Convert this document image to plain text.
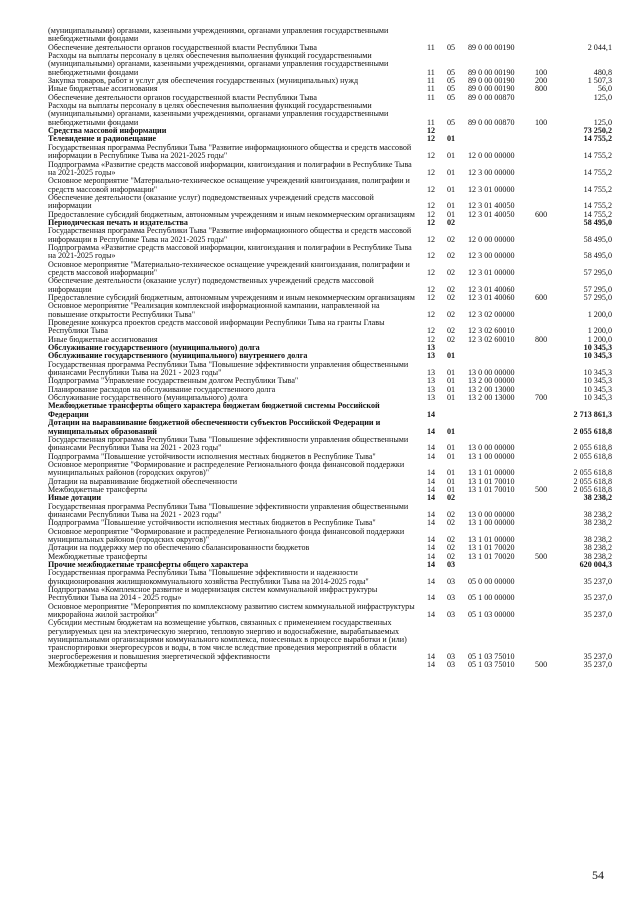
(муниципальными) органами, казенными учреждениями, органами управления государственными внебюджетными фондами
Обеспечение деятельности органов государственной власти Республики Тыва	11 05 89 0 00 00190	2 044,1
Расходы на выплаты персоналу в целях обеспечения выполнения функций государственными (муниципальными) органами, казенными учреждениями, органами управления государственными внебюджетными фондами	11 05 89 0 00 00190	100	480,8
Закупка товаров, работ и услуг для обеспечения государственных (муниципальных) нужд	11 05 89 0 00 00190	200	1 507,3
Иные бюджетные ассигнования	11 05 89 0 00 00190	800	56,0
Обеспечение деятельности органов государственной власти Республики Тыва	11 05 89 0 00 00870	125,0
Расходы на выплаты персоналу в целях обеспечения выполнения функций государственными (муниципальными) органами, казенными учреждениями, органами управления государственными внебюджетными фондами	11 05 89 0 00 00870	100	125,0
Средства массовой информации	12	73 250,2
Телевидение и радиовещание	12 01	14 755,2
Государственная программа Республики Тыва "Развитие информационного общества и средств массовой информации в Республике Тыва на 2021-2025 годы"	12 01 12 0 00 00000	14 755,2
Подпрограмма «Развитие средств массовой информации, книгоиздания и полиграфии в Республике Тыва на 2021-2025 годы»	12 01 12 3 00 00000	14 755,2
Основное мероприятие "Материально-техническое оснащение учреждений книгоиздания, полиграфии и средств массовой информации"	12 01 12 3 01 00000	14 755,2
Обеспечение деятельности (оказание услуг) подведомственных учреждений средств массовой информации	12 01 12 3 01 40050	14 755,2
Предоставление субсидий бюджетным, автономным учреждениям и иным некоммерческим организациям 12 01 12 3 01 40050	600	14 755,2
Периодическая печать и издательства	12 02	58 495,0
Государственная программа Республики Тыва "Развитие информационного общества и средств массовой информации в Республике Тыва на 2021-2025 годы"	12 02 12 0 00 00000	58 495,0
Подпрограмма «Развитие средств массовой информации, книгоиздания и полиграфии в Республике Тыва на 2021-2025 годы»	12 02 12 3 00 00000	58 495,0
Основное мероприятие "Материально-техническое оснащение учреждений книгоиздания, полиграфии и средств массовой информации"	12 02 12 3 01 00000	57 295,0
Обеспечение деятельности (оказание услуг) подведомственных учреждений средств массовой информации	12 02 12 3 01 40060	57 295,0
Предоставление субсидий бюджетным, автономным учреждениям и иным некоммерческим организациям 12 02 12 3 01 40060	600	57 295,0
Основное мероприятие "Реализация комплексной информационной кампании, направленной на повышение открытости Республики Тыва"	12 02 12 3 02 00000	1 200,0
Проведение конкурса проектов средств массовой информации Республики Тыва на гранты Главы Республики Тыва	12 02 12 3 02 60010	1 200,0
Иные бюджетные ассигнования	12 02 12 3 02 60010	800	1 200,0
Обслуживание государственного (муниципального) долга	13	10 345,3
Обслуживание государственного (муниципального) внутреннего долга	13 01	10 345,3
Государственная программа Республики Тыва "Повышение эффективности управления общественными финансами Республики Тыва на 2021 - 2023 годы"	13 01 13 0 00 00000	10 345,3
Подпрограмма "Управление государственным долгом Республики Тыва"	13 01 13 2 00 00000	10 345,3
Планирование расходов на обслуживание государственного долга	13 01 13 2 00 13000	10 345,3
Обслуживание государственного (муниципального) долга	13 01 13 2 00 13000	700	10 345,3
Межбюджетные трансферты общего характера бюджетам бюджетной системы Российской Федерации	14	2 713 861,3
Дотации на выравнивание бюджетной обеспеченности субъектов Российской Федерации и муниципальных образований	14 01	2 055 618,8
Государственная программа Республики Тыва "Повышение эффективности управления общественными финансами Республики Тыва на 2021 - 2023 годы"	14 01 13 0 00 00000	2 055 618,8
Подпрограмма "Повышение устойчивости исполнения местных бюджетов в Республике Тыва"	14 01 13 1 00 00000	2 055 618,8
Основное мероприятие "Формирование и распределение Регионального фонда финансовой поддержки муниципальных районов (городских округов)"	14 01 13 1 01 00000	2 055 618,8
Дотации на выравнивание бюджетной обеспеченности	14 01 13 1 01 70010	2 055 618,8
Межбюджетные трансферты	14 01 13 1 01 70010	500	2 055 618,8
Иные дотации	14 02	38 238,2
Государственная программа Республики Тыва "Повышение эффективности управления общественными финансами Республики Тыва на 2021 - 2023 годы"	14 02 13 0 00 00000	38 238,2
Подпрограмма "Повышение устойчивости исполнения местных бюджетов в Республике Тыва"	14 02 13 1 00 00000	38 238,2
Основное мероприятие "Формирование и распределение Регионального фонда финансовой поддержки муниципальных районов (городских округов)"	14 02 13 1 01 00000	38 238,2
Дотации на поддержку мер по обеспечению сбалансированности бюджетов	14 02 13 1 01 70020	38 238,2
Межбюджетные трансферты	14 02 13 1 01 70020	500	38 238,2
Прочие межбюджетные трансферты общего характера	14 03	620 004,3
Государственная программа Республики Тыва "Повышение эффективности и надежности функционирования жилищнокоммунального хозяйства Республики Тыва на 2014-2025 годы"	14 03 05 0 00 00000	35 237,0
Подпрограмма «Комплексное развитие и модернизация систем коммунальной инфраструктуры Республики Тыва на 2014 - 2025 годы»	14 03 05 1 00 00000	35 237,0
Основное мероприятие "Мероприятия по комплексному развитию систем коммунальной инфраструктуры микрорайона жилой застройки"	14 03 05 1 03 00000	35 237,0
Субсидии местным бюджетам на возмещение убытков, связанных с применением государственных регулируемых цен на электрическую энергию, тепловую энергию и водоснабжение, вырабатываемых муниципальными организациями коммунального комплекса, понесенных в процессе выработки и (или) транспортировки энергоресурсов и воды, в том числе вследствие проведения мероприятий в области энергосбережения и повышения энергетической эффективности	14 03 05 1 03 75010	35 237,0
Межбюджетные трансферты	14 03 05 1 03 75010	500	35 237,0
54
